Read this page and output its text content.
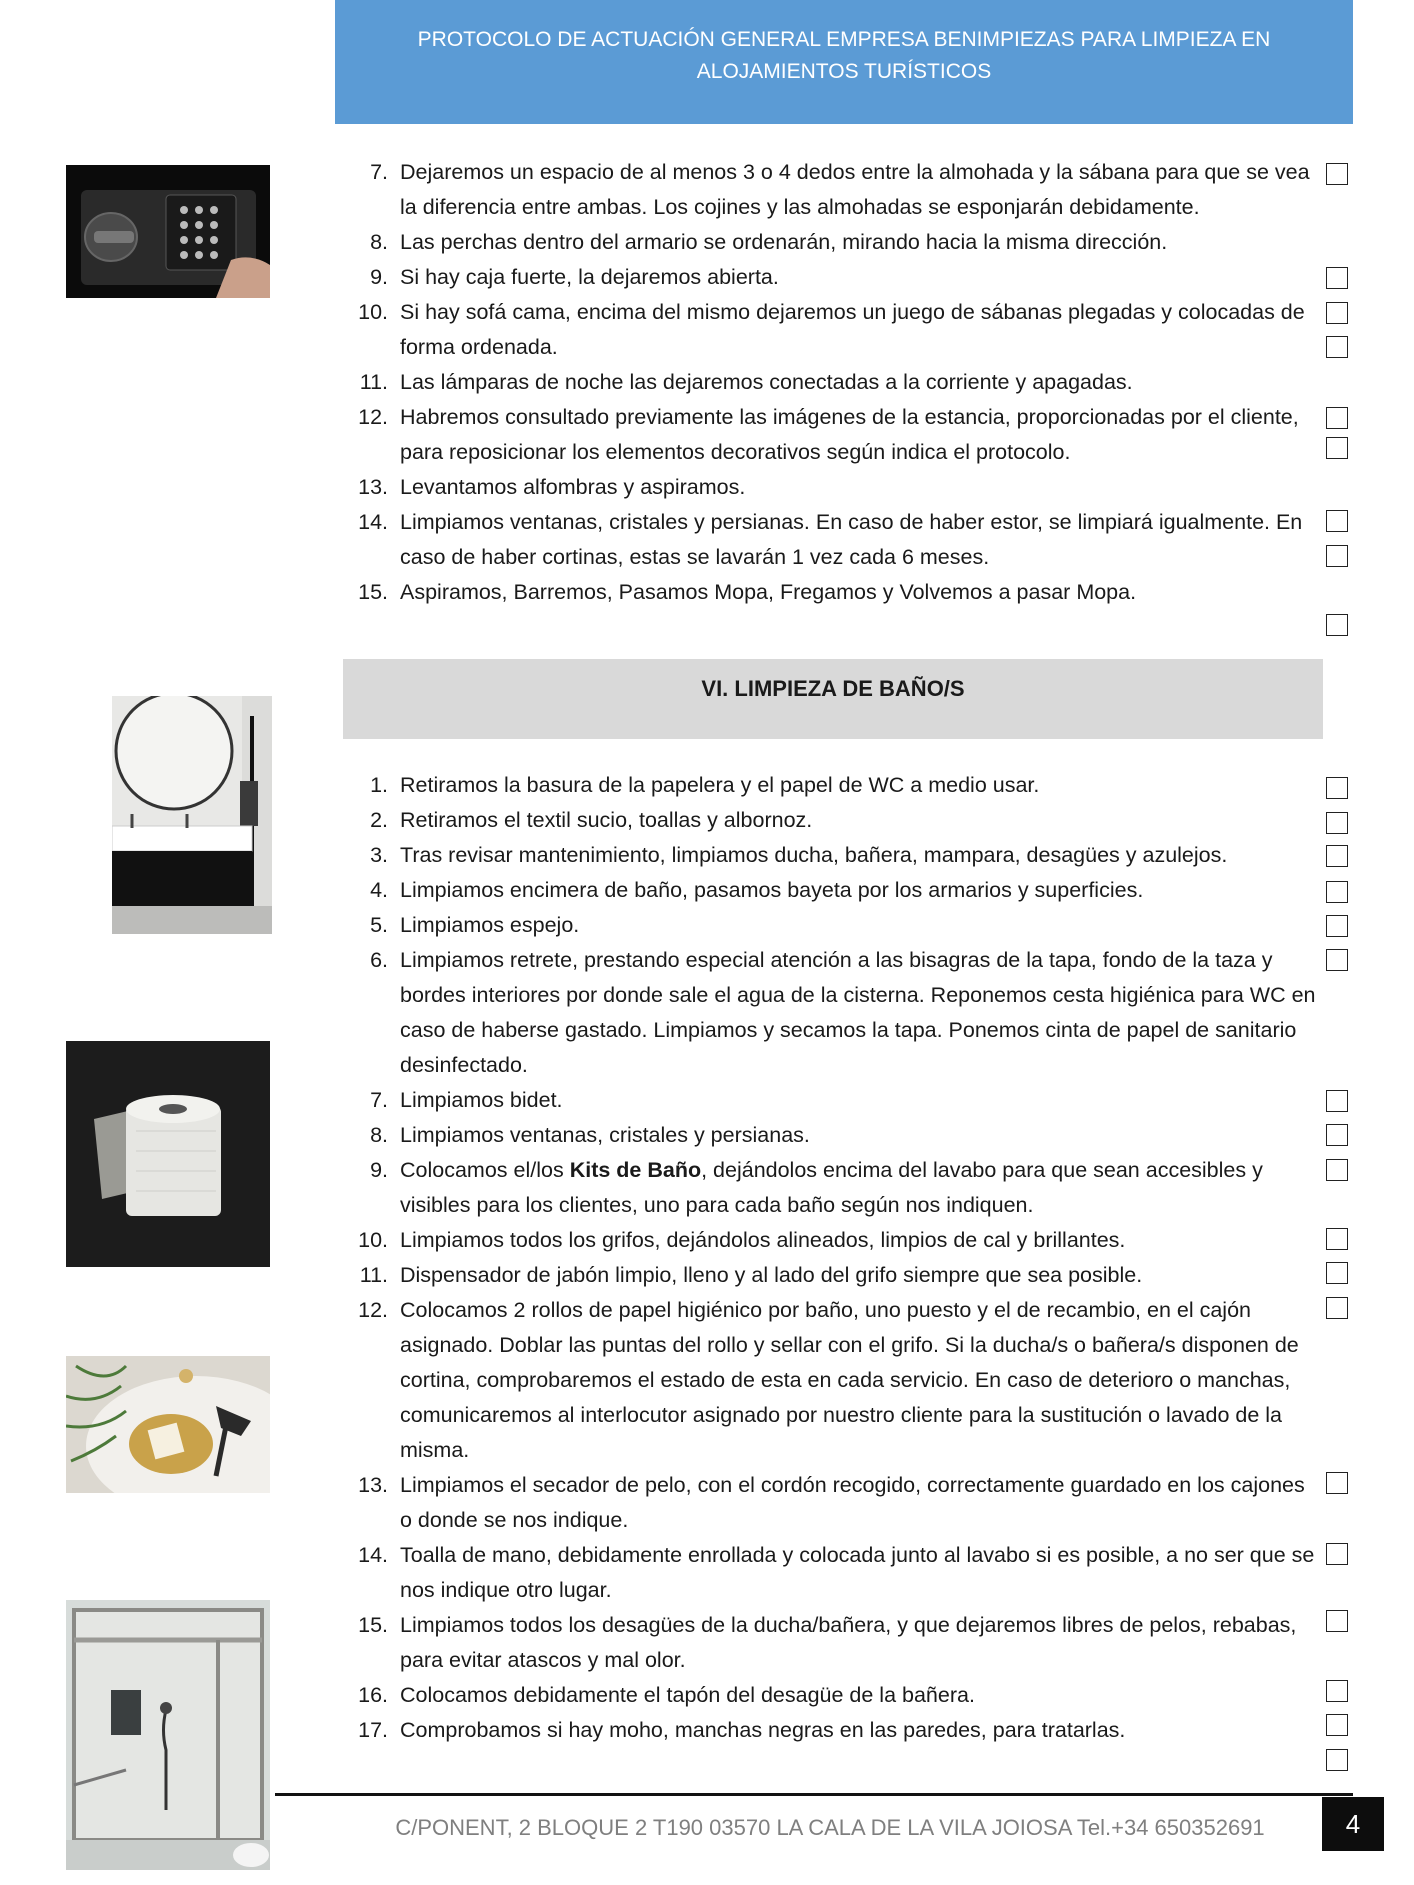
PROTOCOLO DE ACTUACIÓN GENERAL EMPRESA BENIMPIEZAS PARA LIMPIEZA EN
ALOJAMIENTOS TURÍSTICOS
7. Dejaremos un espacio de al menos 3 o 4 dedos entre la almohada y la sábana para que se vea la diferencia entre ambas. Los cojines y las almohadas se esponjarán debidamente.
8. Las perchas dentro del armario se ordenarán, mirando hacia la misma dirección.
9. Si hay caja fuerte, la dejaremos abierta.
10. Si hay sofá cama, encima del mismo dejaremos un juego de sábanas plegadas y colocadas de forma ordenada.
11. Las lámparas de noche las dejaremos conectadas a la corriente y apagadas.
12. Habremos consultado previamente las imágenes de la estancia, proporcionadas por el cliente, para reposicionar los elementos decorativos según indica el protocolo.
13. Levantamos alfombras y aspiramos.
14. Limpiamos ventanas, cristales y persianas. En caso de haber estor, se limpiará igualmente. En caso de haber cortinas, estas se lavarán 1 vez cada 6 meses.
15. Aspiramos, Barremos, Pasamos Mopa, Fregamos y Volvemos a pasar Mopa.
VI. LIMPIEZA DE BAÑO/S
1. Retiramos la basura de la papelera y el papel de WC a medio usar.
2. Retiramos el textil sucio, toallas y albornoz.
3. Tras revisar mantenimiento, limpiamos ducha, bañera, mampara, desagües y azulejos.
4. Limpiamos encimera de baño, pasamos bayeta por los armarios y superficies.
5. Limpiamos espejo.
6. Limpiamos retrete, prestando especial atención a las bisagras de la tapa, fondo de la taza y bordes interiores por donde sale el agua de la cisterna. Reponemos cesta higiénica para WC en caso de haberse gastado. Limpiamos y secamos la tapa. Ponemos cinta de papel de sanitario desinfectado.
7. Limpiamos bidet.
8. Limpiamos ventanas, cristales y persianas.
9. Colocamos el/los Kits de Baño, dejándolos encima del lavabo para que sean accesibles y visibles para los clientes, uno para cada baño según nos indiquen.
10. Limpiamos todos los grifos, dejándolos alineados, limpios de cal y brillantes.
11. Dispensador de jabón limpio, lleno y al lado del grifo siempre que sea posible.
12. Colocamos 2 rollos de papel higiénico por baño, uno puesto y el de recambio, en el cajón asignado. Doblar las puntas del rollo y sellar con el grifo. Si la ducha/s o bañera/s disponen de cortina, comprobaremos el estado de esta en cada servicio. En caso de deterioro o manchas, comunicaremos al interlocutor asignado por nuestro cliente para la sustitución o lavado de la misma.
13. Limpiamos el secador de pelo, con el cordón recogido, correctamente guardado en los cajones o donde se nos indique.
14. Toalla de mano, debidamente enrollada y colocada junto al lavabo si es posible, a no ser que se nos indique otro lugar.
15. Limpiamos todos los desagües de la ducha/bañera, y que dejaremos libres de pelos, rebabas, para evitar atascos y mal olor.
16. Colocamos debidamente el tapón del desagüe de la bañera.
17. Comprobamos si hay moho, manchas negras en las paredes, para tratarlas.
C/PONENT, 2 BLOQUE 2 T190 03570 LA CALA DE LA VILA JOIOSA Tel.+34 650352691	4
